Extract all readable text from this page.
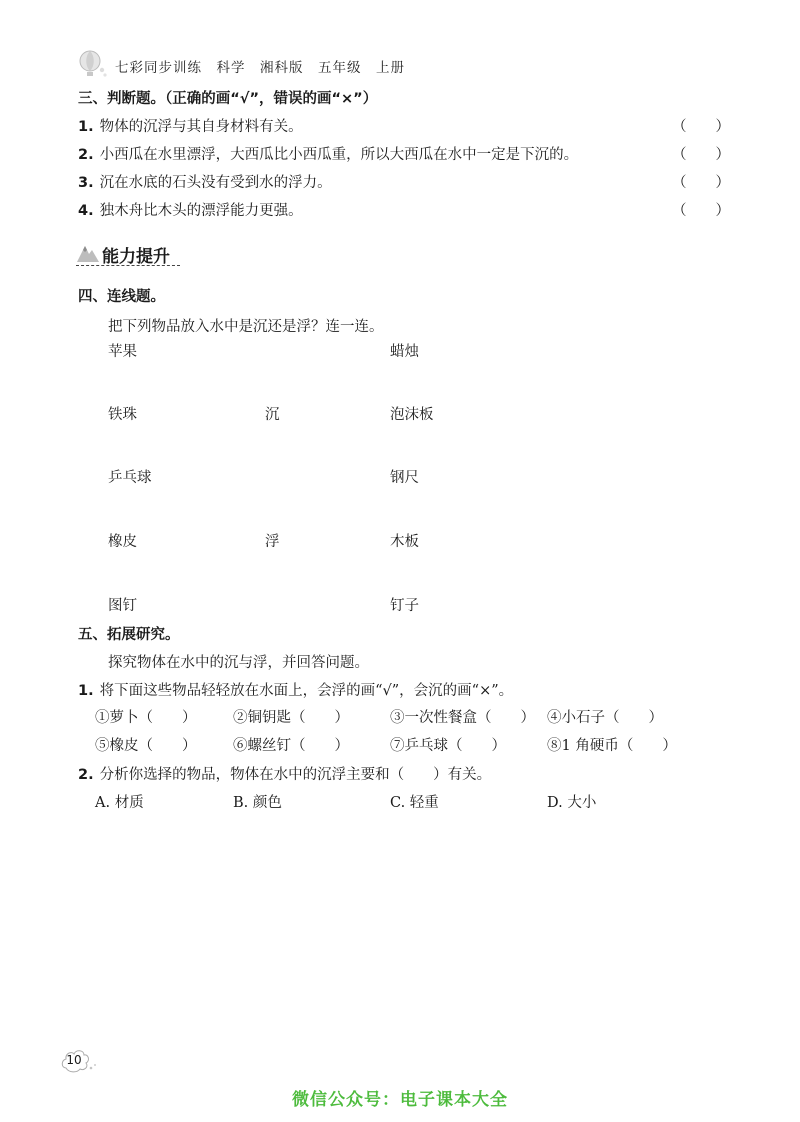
七彩同步训练　科学　湘科版　五年级　上册
三、判断题。（正确的画“√”，错误的画“×”）
1. 物体的沉浮与其自身材料有关。	（　　）
2. 小西瓜在水里漂浮，大西瓜比小西瓜重，所以大西瓜在水中一定是下沉的。	（　　）
3. 沉在水底的石头没有受到水的浮力。	（　　）
4. 独木舟比木头的漂浮能力更强。	（　　）
能力提升
四、连线题。
把下列物品放入水中是沉还是浮？连一连。
苹果
铁珠
乒乓球
橡皮
图钉
沉
浮
蜡烛
泡沫板
钢尺
木板
钉子
五、拓展研究。
探究物体在水中的沉与浮，并回答问题。
1. 将下面这些物品轻轻放在水面上，会浮的画“√”，会沉的画“×”。
①萝卜（　　）	②铜钥匙（　　）	③一次性餐盒（　　） ④小石子（　　）
⑤橡皮（　　）	⑥螺丝钉（　　）	⑦乒乓球（　　）	⑧1 角硬币（　　）
2. 分析你选择的物品，物体在水中的沉浮主要和（　　）有关。
A. 材质	B. 颜色	C. 轻重	D. 大小
10
微信公众号：电子课本大全
